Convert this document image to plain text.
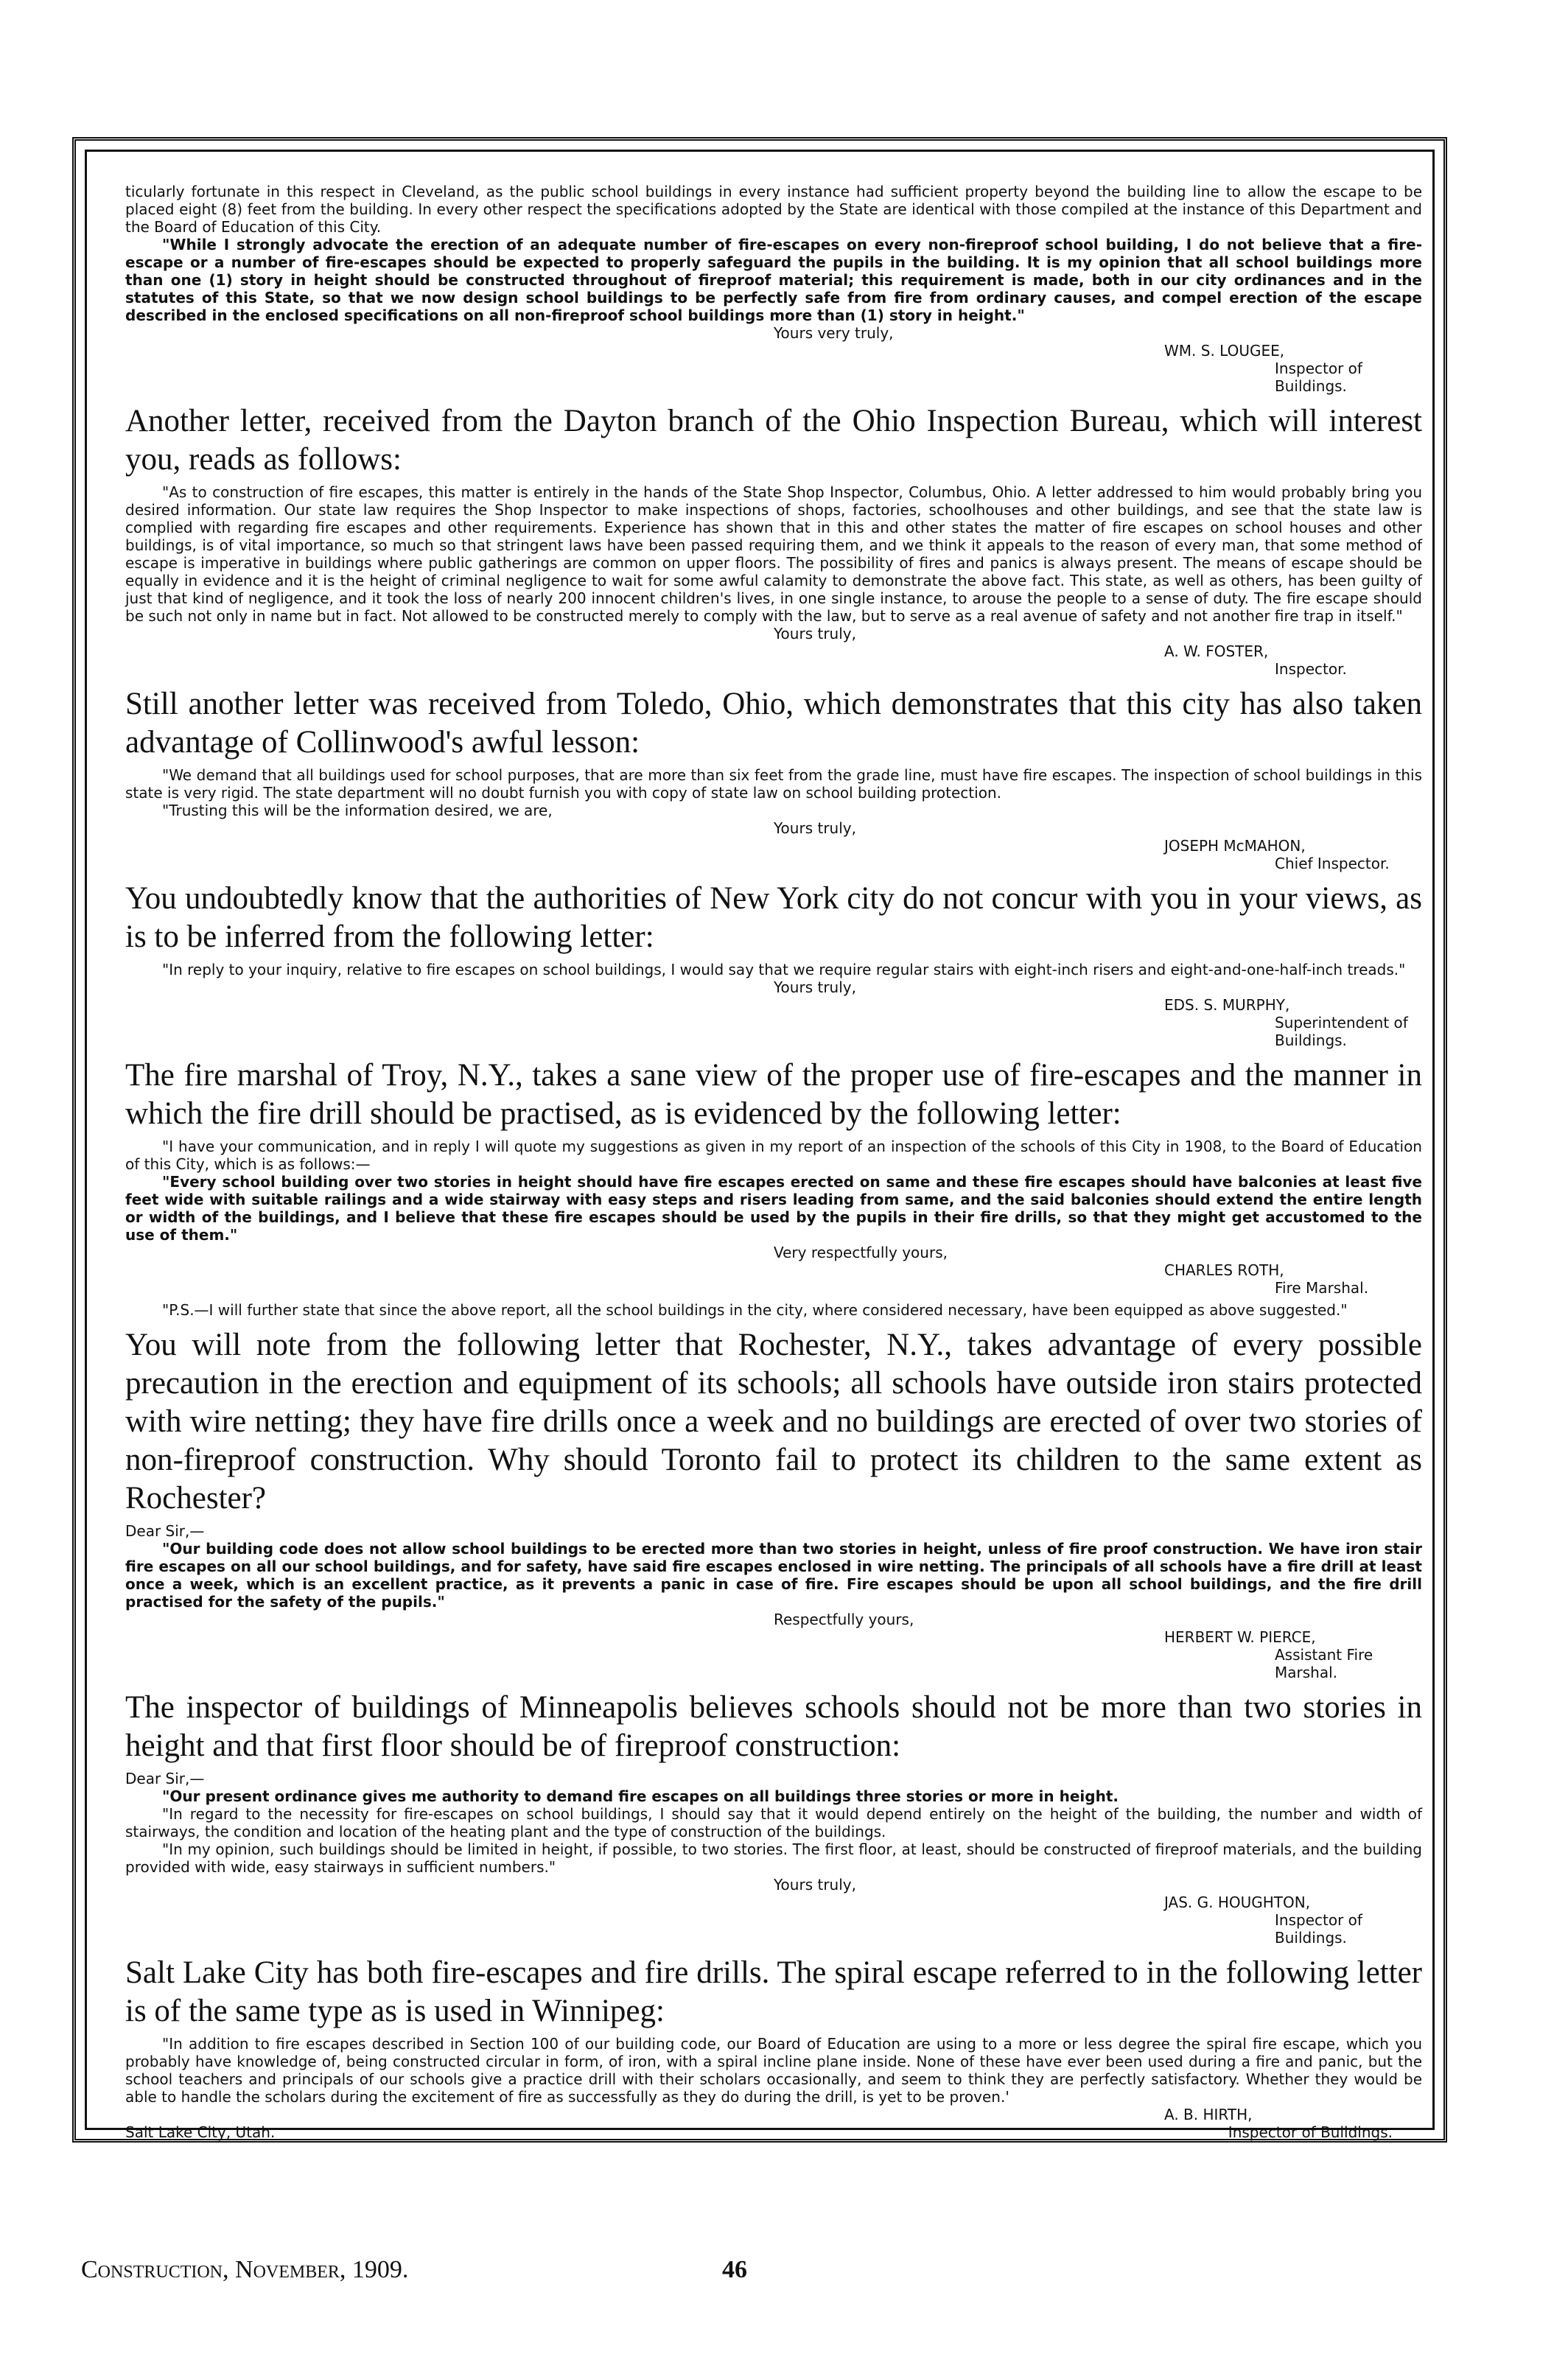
ticularly fortunate in this respect in Cleveland, as the public school buildings in every instance had sufficient property beyond the building line to allow the escape to be placed eight (8) feet from the building. In every other respect the specifications adopted by the State are identical with those compiled at the instance of this Department and the Board of Education of this City.

"While I strongly advocate the erection of an adequate number of fire-escapes on every non-fireproof school building, I do not believe that a fire-escape or a number of fire-escapes should be expected to properly safeguard the pupils in the building. It is my opinion that all school buildings more than one (1) story in height should be constructed throughout of fireproof material; this requirement is made, both in our city ordinances and in the statutes of this State, so that we now design school buildings to be perfectly safe from fire from ordinary causes, and compel erection of the escape described in the enclosed specifications on all non-fireproof school buildings more than (1) story in height."

Yours very truly,

WM. S. LOUGEE,

Inspector of Buildings.

Another letter, received from the Dayton branch of the Ohio Inspection Bureau, which will interest you, reads as follows:

"As to construction of fire escapes, this matter is entirely in the hands of the State Shop Inspector, Columbus, Ohio. A letter addressed to him would probably bring you desired information. Our state law requires the Shop Inspector to make inspections of shops, factories, schoolhouses and other buildings, and see that the state law is complied with regarding fire escapes and other requirements. Experience has shown that in this and other states the matter of fire escapes on school houses and other buildings, is of vital importance, so much so that stringent laws have been passed requiring them, and we think it appeals to the reason of every man, that some method of escape is imperative in buildings where public gatherings are common on upper floors. The possibility of fires and panics is always present. The means of escape should be equally in evidence and it is the height of criminal negligence to wait for some awful calamity to demonstrate the above fact. This state, as well as others, has been guilty of just that kind of negligence, and it took the loss of nearly 200 innocent children's lives, in one single instance, to arouse the people to a sense of duty. The fire escape should be such not only in name but in fact. Not allowed to be constructed merely to comply with the law, but to serve as a real avenue of safety and not another fire trap in itself."

Yours truly,

A. W. FOSTER,

Inspector.

Still another letter was received from Toledo, Ohio, which demonstrates that this city has also taken advantage of Collinwood's awful lesson:

"We demand that all buildings used for school purposes, that are more than six feet from the grade line, must have fire escapes. The inspection of school buildings in this state is very rigid. The state department will no doubt furnish you with copy of state law on school building protection.

"Trusting this will be the information desired, we are,

Yours truly,

JOSEPH McMAHON,

Chief Inspector.

You undoubtedly know that the authorities of New York city do not concur with you in your views, as is to be inferred from the following letter:

"In reply to your inquiry, relative to fire escapes on school buildings, I would say that we require regular stairs with eight-inch risers and eight-and-one-half-inch treads."

Yours truly,

EDS. S. MURPHY,

Superintendent of Buildings.

The fire marshal of Troy, N.Y., takes a sane view of the proper use of fire-escapes and the manner in which the fire drill should be practised, as is evidenced by the following letter:

"I have your communication, and in reply I will quote my suggestions as given in my report of an inspection of the schools of this City in 1908, to the Board of Education of this City, which is as follows:—

"Every school building over two stories in height should have fire escapes erected on same and these fire escapes should have balconies at least five feet wide with suitable railings and a wide stairway with easy steps and risers leading from same, and the said balconies should extend the entire length or width of the buildings, and I believe that these fire escapes should be used by the pupils in their fire drills, so that they might get accustomed to the use of them."

Very respectfully yours,

CHARLES ROTH,

Fire Marshal.

"P.S.—I will further state that since the above report, all the school buildings in the city, where considered necessary, have been equipped as above suggested."

You will note from the following letter that Rochester, N.Y., takes advantage of every possible precaution in the erection and equipment of its schools; all schools have outside iron stairs protected with wire netting; they have fire drills once a week and no buildings are erected of over two stories of non-fireproof construction. Why should Toronto fail to protect its children to the same extent as Rochester?

Dear Sir,—

"Our building code does not allow school buildings to be erected more than two stories in height, unless of fire proof construction. We have iron stair fire escapes on all our school buildings, and for safety, have said fire escapes enclosed in wire netting. The principals of all schools have a fire drill at least once a week, which is an excellent practice, as it prevents a panic in case of fire. Fire escapes should be upon all school buildings, and the fire drill practised for the safety of the pupils."

Respectfully yours,

HERBERT W. PIERCE,

Assistant Fire Marshal.

The inspector of buildings of Minneapolis believes schools should not be more than two stories in height and that first floor should be of fireproof construction:

Dear Sir,—

"Our present ordinance gives me authority to demand fire escapes on all buildings three stories or more in height.

"In regard to the necessity for fire-escapes on school buildings, I should say that it would depend entirely on the height of the building, the number and width of stairways, the condition and location of the heating plant and the type of construction of the buildings.

"In my opinion, such buildings should be limited in height, if possible, to two stories. The first floor, at least, should be constructed of fireproof materials, and the building provided with wide, easy stairways in sufficient numbers."

Yours truly,

JAS. G. HOUGHTON,

Inspector of Buildings.

Salt Lake City has both fire-escapes and fire drills. The spiral escape referred to in the following letter is of the same type as is used in Winnipeg:

"In addition to fire escapes described in Section 100 of our building code, our Board of Education are using to a more or less degree the spiral fire escape, which you probably have knowledge of, being constructed circular in form, of iron, with a spiral incline plane inside. None of these have ever been used during a fire and panic, but the school teachers and principals of our schools give a practice drill with their scholars occasionally, and seem to think they are perfectly satisfactory. Whether they would be able to handle the scholars during the excitement of fire as successfully as they do during the drill, is yet to be proven.'

A. B. HIRTH,

Salt Lake City, Utah.	Inspector of Buildings.
Construction, November, 1909.	46
